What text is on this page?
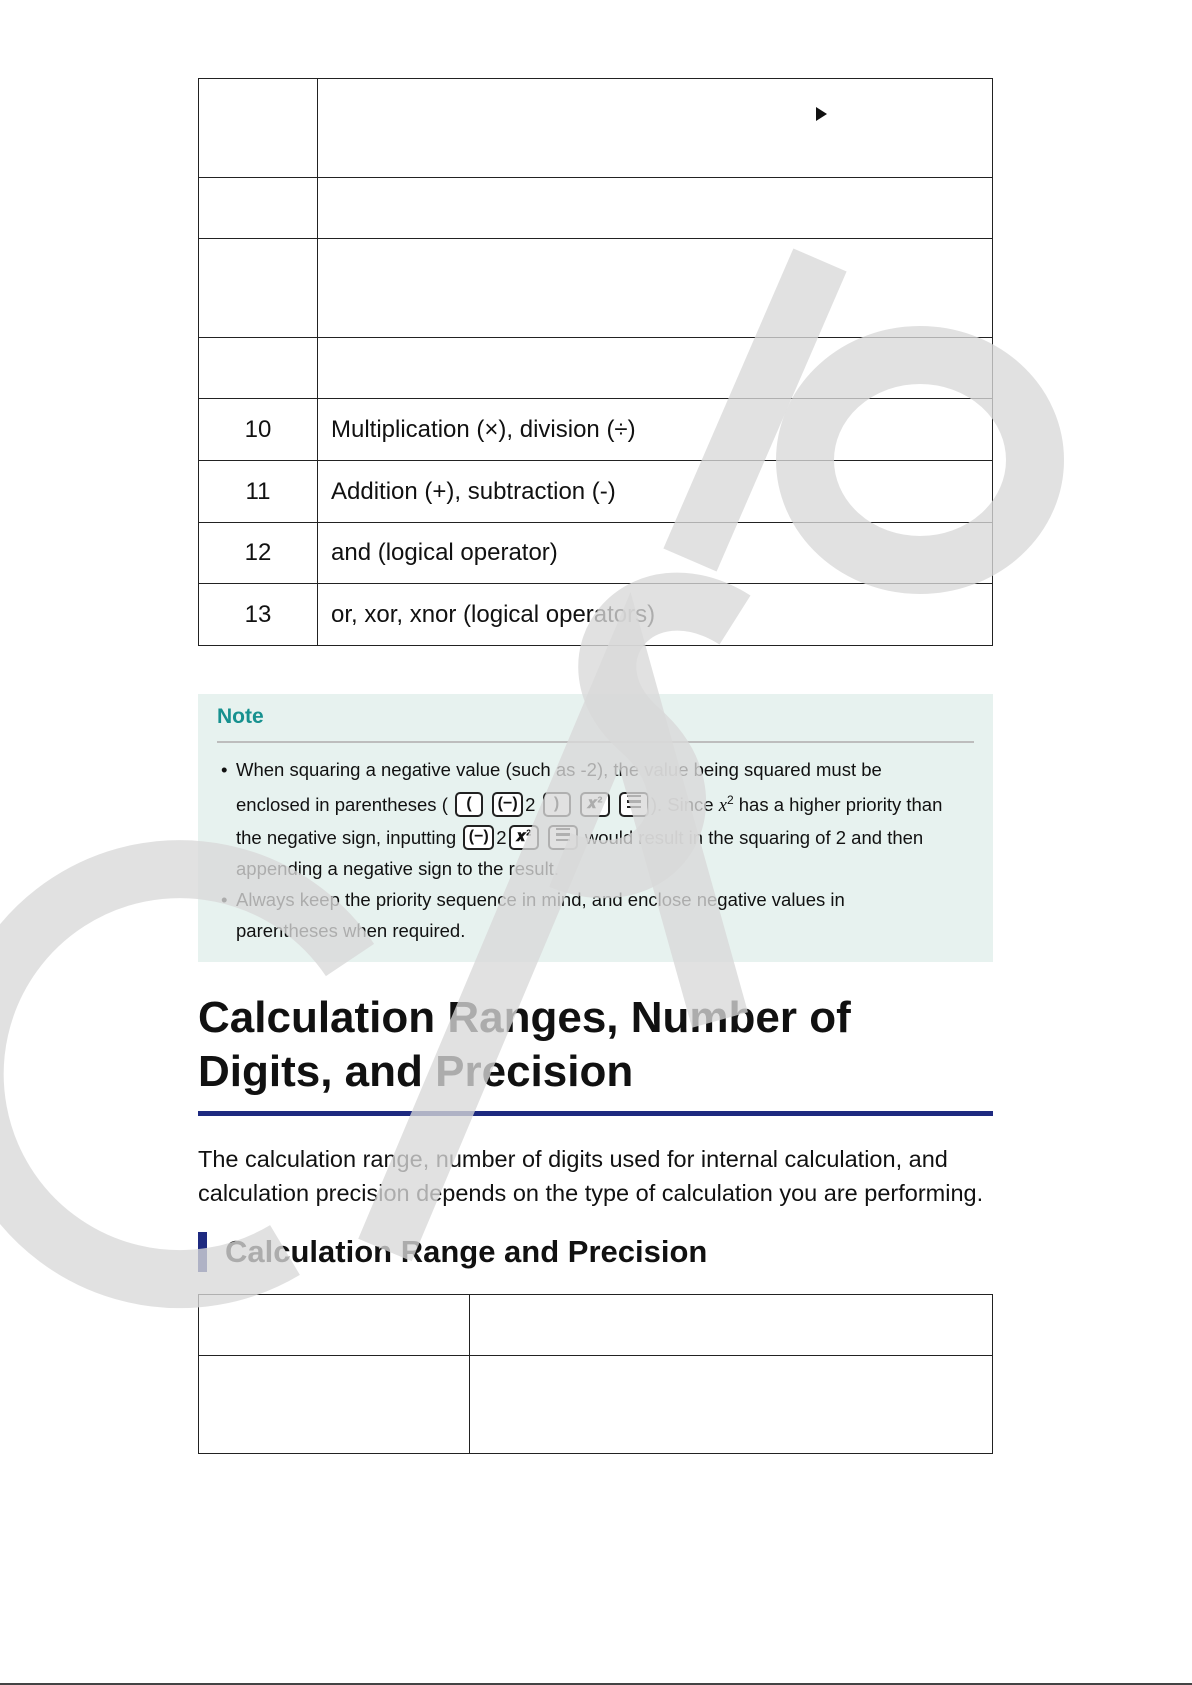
10	Multiplication (×), division (÷)
11	Addition (+), subtraction (-)
12	and (logical operator)
13	or, xor, xnor (logical operators)
Note
• When squaring a negative value (such as -2), the value being squared must be
enclosed in parentheses ( ( (−) 2 ) 𝒙²	). Since $x^2$ has a higher priority than
the negative sign, inputting (−) 2 𝒙²	would result in the squaring of 2 and then
appending a negative sign to the result.
• Always keep the priority sequence in mind, and enclose negative values in
parentheses when required.
Calculation Ranges, Number of
Digits, and Precision

The calculation range, number of digits used for internal calculation, and calculation precision depends on the type of calculation you are performing.

Calculation Range and Precision
